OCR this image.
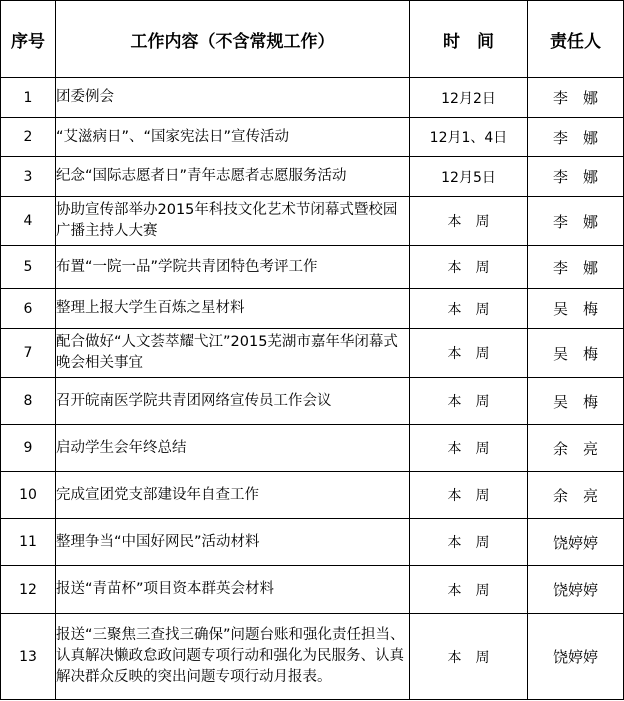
序号	工作内容（不含常规工作）	时　间	责任人
1	团委例会	12月2日	李　娜
2	“艾滋病日”、“国家宪法日”宣传活动	12月1、4日	李　娜
3	纪念“国际志愿者日”青年志愿者志愿服务活动	12月5日	李　娜
4	协助宣传部举办2015年科技文化艺术节闭幕式暨校园广播主持人大赛	本　周	李　娜
5	布置“一院一品”学院共青团特色考评工作	本　周	李　娜
6	整理上报大学生百炼之星材料	本　周	吴　梅
7	配合做好“人文荟萃耀弋江”2015芜湖市嘉年华闭幕式晚会相关事宜	本　周	吴　梅
8	召开皖南医学院共青团网络宣传员工作会议	本　周	吴　梅
9	启动学生会年终总结	本　周	余　亮
10	完成宣团党支部建设年自查工作	本　周	余　亮
11	整理争当“中国好网民”活动材料	本　周	饶婷婷
12	报送“青苗杯”项目资本群英会材料	本　周	饶婷婷
13	报送“三聚焦三查找三确保”问题台账和强化责任担当、认真解决懒政怠政问题专项行动和强化为民服务、认真解决群众反映的突出问题专项行动月报表。	本　周	饶婷婷
